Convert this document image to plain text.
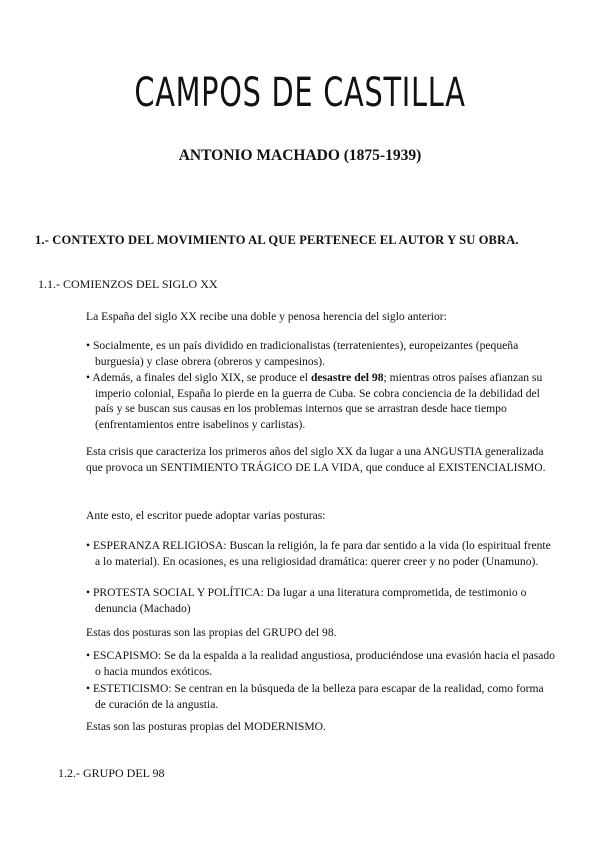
CAMPOS DE CASTILLA

ANTONIO MACHADO (1875-1939)

1.- CONTEXTO DEL MOVIMIENTO AL QUE PERTENECE EL AUTOR Y SU OBRA.

1.1.- COMIENZOS DEL SIGLO XX

La España del siglo XX recibe una doble y penosa herencia del siglo anterior:

• Socialmente, es un país dividido en tradicionalistas (terratenientes), europeizantes (pequeña burguesía) y clase obrera (obreros y campesinos).

• Además, a finales del siglo XIX, se produce el desastre del 98; mientras otros países afianzan su imperio colonial, España lo pierde en la guerra de Cuba. Se cobra conciencia de la debilidad del país y se buscan sus causas en los problemas internos que se arrastran desde hace tiempo (enfrentamientos entre isabelinos y carlistas).

Esta crisis que caracteriza los primeros años del siglo XX da lugar a una ANGUSTIA generalizada que provoca un SENTIMIENTO TRÁGICO DE LA VIDA, que conduce al EXISTENCIALISMO.

Ante esto, el escritor puede adoptar varias posturas:

• ESPERANZA RELIGIOSA: Buscan la religión, la fe para dar sentido a la vida (lo espiritual frente a lo material). En ocasiones, es una religiosidad dramática: querer creer y no poder (Unamuno).

• PROTESTA SOCIAL Y POLÍTICA: Da lugar a una literatura comprometida, de testimonio o denuncia (Machado)

Estas dos posturas son las propias del GRUPO del 98.

• ESCAPISMO: Se da la espalda a la realidad angustiosa, produciéndose una evasión hacia el pasado o hacia mundos exóticos.

• ESTETICISMO: Se centran en la búsqueda de la belleza para escapar de la realidad, como forma de curación de la angustia.

Estas son las posturas propias del MODERNISMO.

1.2.- GRUPO DEL 98
